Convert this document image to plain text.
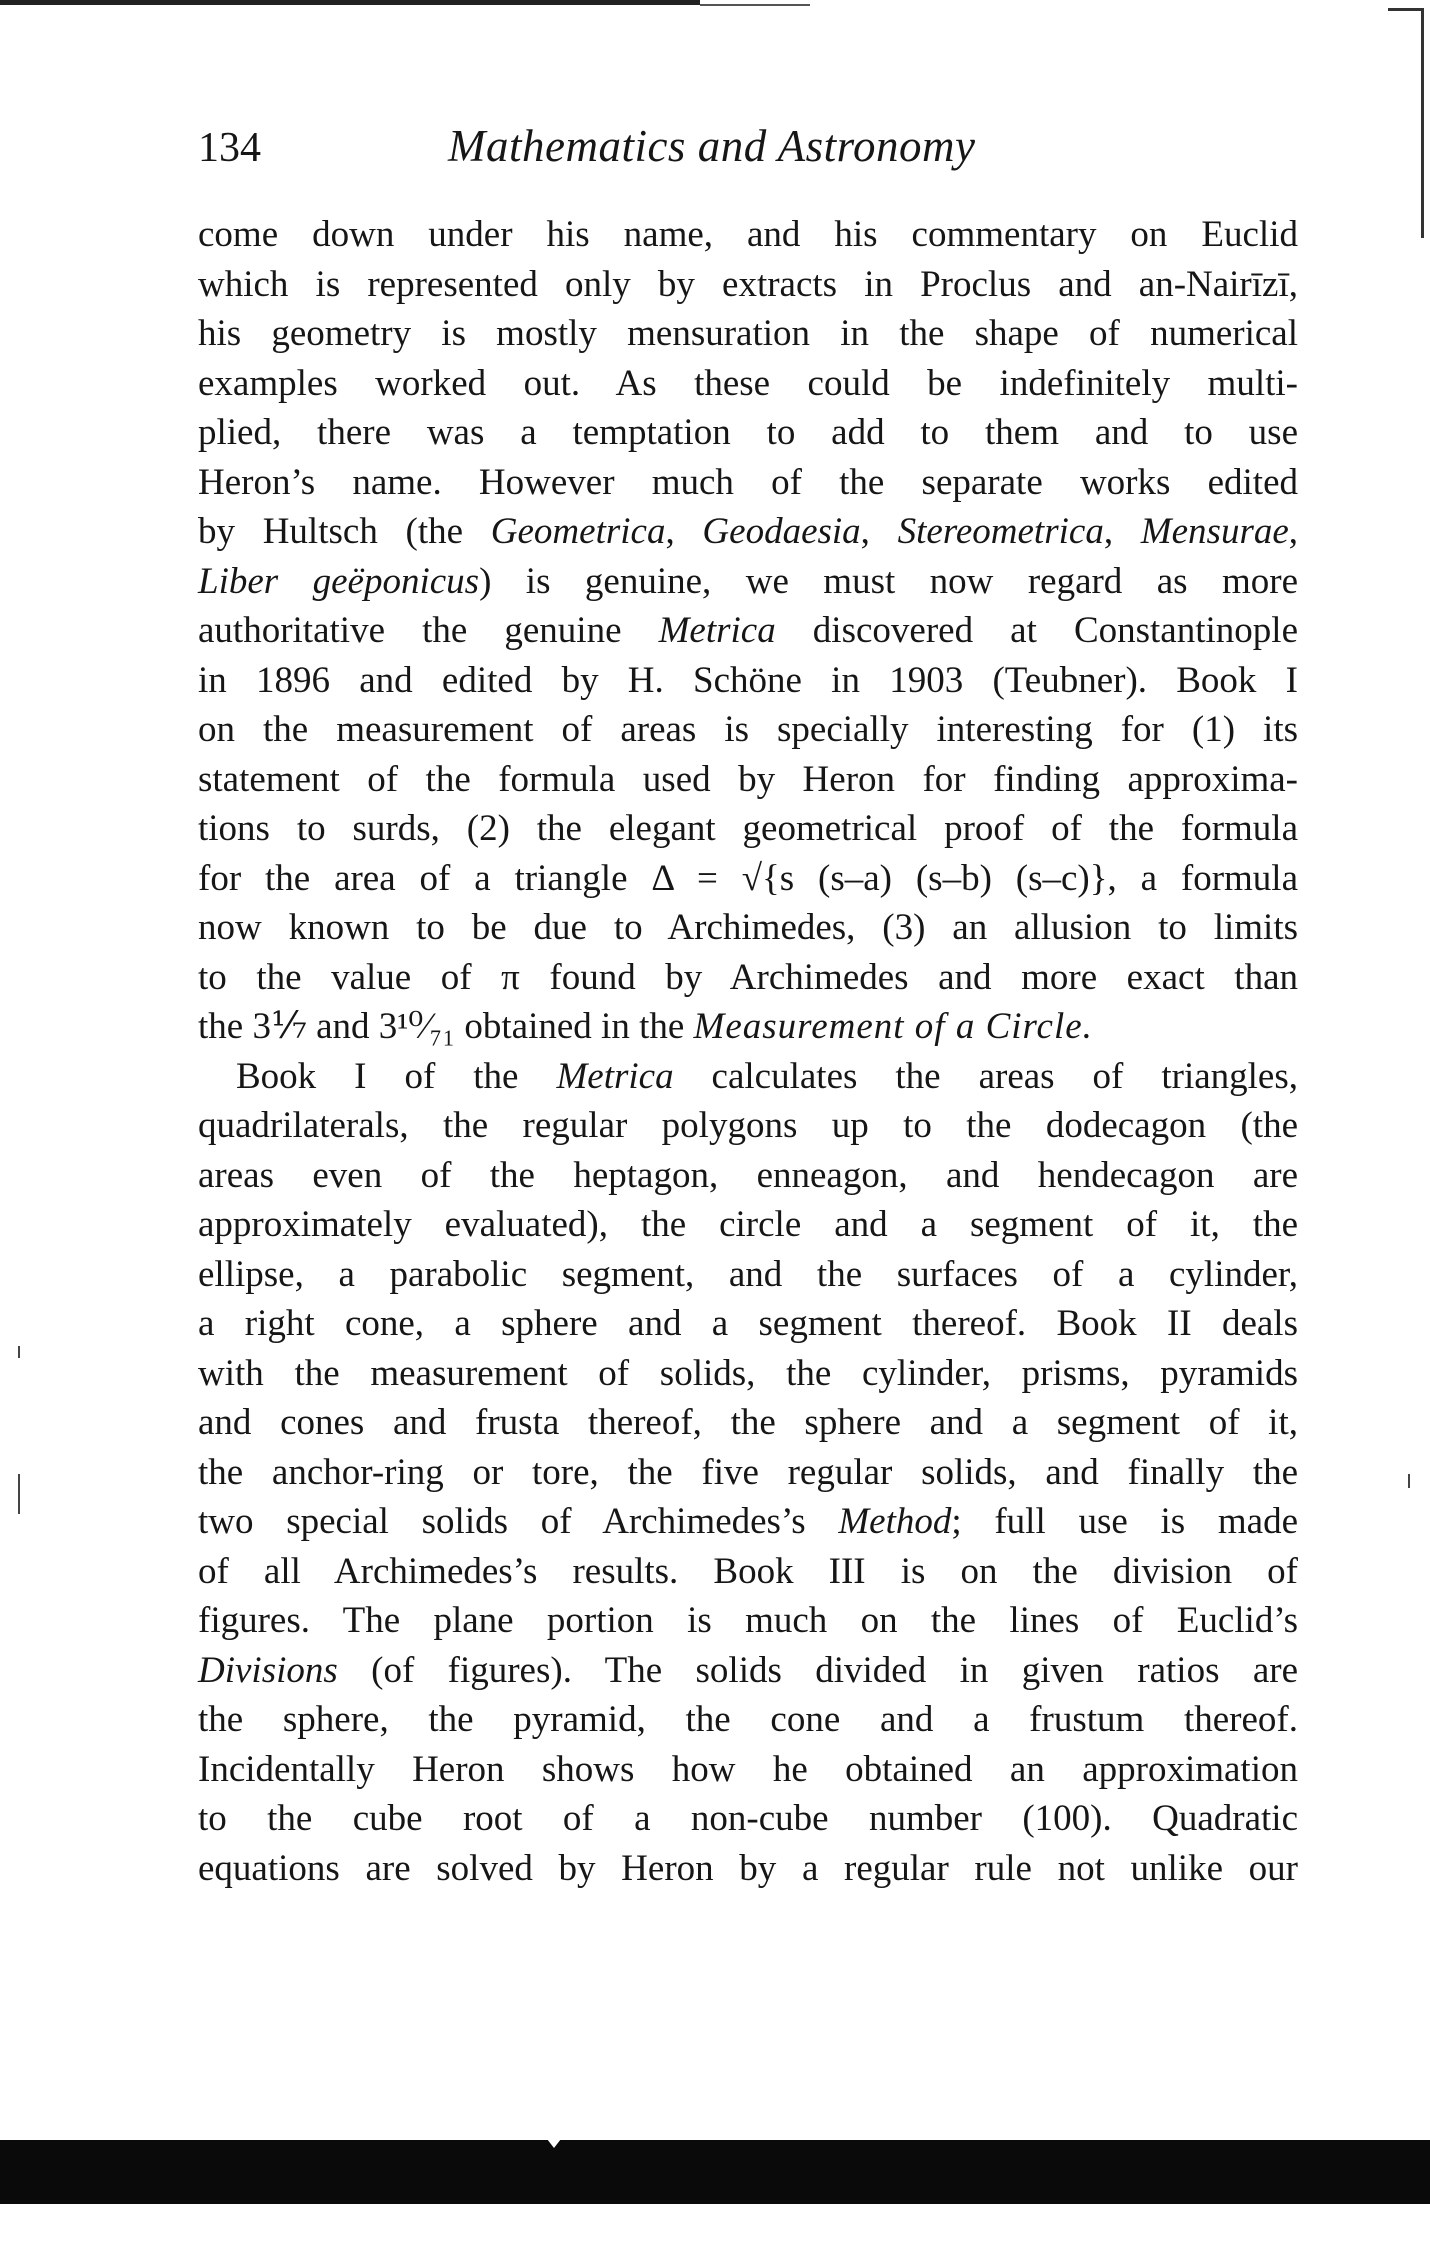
134	Mathematics and Astronomy
come down under his name, and his commentary on Euclid
which is represented only by extracts in Proclus and an-Nairīzī,
his geometry is mostly mensuration in the shape of numerical
examples worked out. As these could be indefinitely multi-
plied, there was a temptation to add to them and to use
Heron’s name. However much of the separate works edited
by Hultsch (the Geometrica , Geodaesia , Stereometrica , Mensurae ,
Liber geëponicus ) is genuine, we must now regard as more
authoritative the genuine Metrica discovered at Constantinople
in 1896 and edited by H. Schöne in 1903 (Teubner). Book I
on the measurement of areas is specially interesting for (1) its
statement of the formula used by Heron for finding approxima-
tions to surds, (2) the elegant geometrical proof of the formula
for the area of a triangle Δ = √{s (s–a) (s–b) (s–c)}, a formula
now known to be due to Archimedes, (3) an allusion to limits
to the value of π found by Archimedes and more exact than
the 3⅐ and 3¹⁰⁄₇₁ obtained in the Measurement of a Circle.
Book I of the Metrica calculates the areas of triangles,
quadrilaterals, the regular polygons up to the dodecagon (the
areas even of the heptagon, enneagon, and hendecagon are
approximately evaluated), the circle and a segment of it, the
ellipse, a parabolic segment, and the surfaces of a cylinder,
a right cone, a sphere and a segment thereof. Book II deals
with the measurement of solids, the cylinder, prisms, pyramids
and cones and frusta thereof, the sphere and a segment of it,
the anchor-ring or tore, the five regular solids, and finally the
two special solids of Archimedes’s Method ; full use is made
of all Archimedes’s results. Book III is on the division of
figures. The plane portion is much on the lines of Euclid’s
Divisions (of figures). The solids divided in given ratios are
the sphere, the pyramid, the cone and a frustum thereof.
Incidentally Heron shows how he obtained an approximation
to the cube root of a non-cube number (100). Quadratic
equations are solved by Heron by a regular rule not unlike our
